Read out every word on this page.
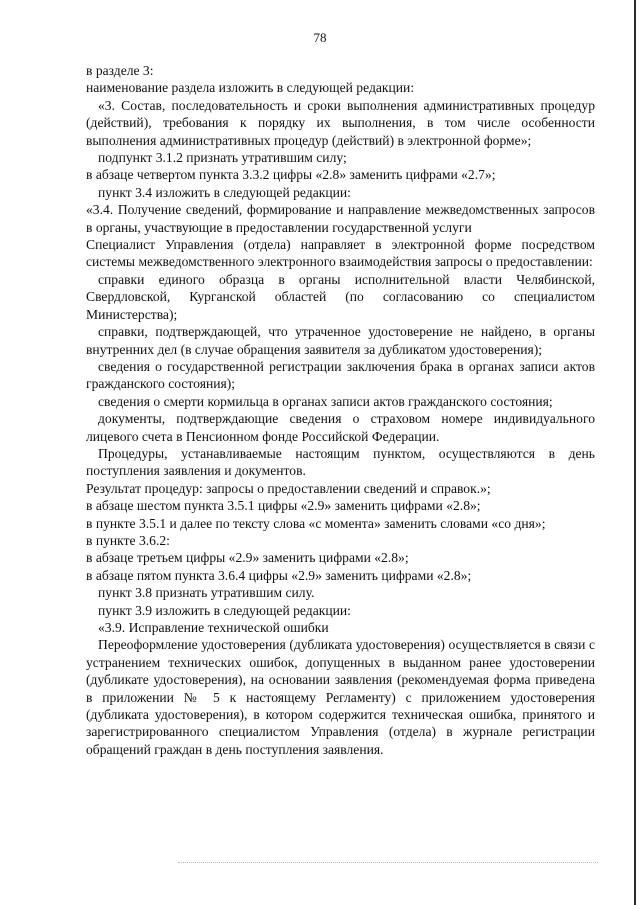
78

в разделе 3:

наименование раздела изложить в следующей редакции:

«3. Состав, последовательность и сроки выполнения административных процедур (действий), требования к порядку их выполнения, в том числе особенности выполнения административных процедур (действий) в электронной форме»;

подпункт 3.1.2 признать утратившим силу;

в абзаце четвертом пункта 3.3.2 цифры «2.8» заменить цифрами «2.7»;

пункт 3.4 изложить в следующей редакции:

«3.4. Получение сведений, формирование и направление межведомственных запросов в органы, участвующие в предоставлении государственной услуги

Специалист Управления (отдела) направляет в электронной форме посредством системы межведомственного электронного взаимодействия запросы о предоставлении:

справки единого образца в органы исполнительной власти Челябинской, Свердловской, Курганской областей (по согласованию со специалистом Министерства);

справки, подтверждающей, что утраченное удостоверение не найдено, в органы внутренних дел (в случае обращения заявителя за дубликатом удостоверения);

сведения о государственной регистрации заключения брака в органах записи актов гражданского состояния);

сведения о смерти кормильца в органах записи актов гражданского состояния;

документы, подтверждающие сведения о страховом номере индивидуального лицевого счета в Пенсионном фонде Российской Федерации.

Процедуры, устанавливаемые настоящим пунктом, осуществляются в день поступления заявления и документов.

Результат процедур: запросы о предоставлении сведений и справок.»;

в абзаце шестом пункта 3.5.1 цифры «2.9» заменить цифрами «2.8»;

в пункте 3.5.1 и далее по тексту слова «с момента» заменить словами «со дня»;

в пункте 3.6.2:

в абзаце третьем цифры «2.9» заменить цифрами «2.8»;

в абзаце пятом пункта 3.6.4 цифры «2.9» заменить цифрами «2.8»;

пункт 3.8 признать утратившим силу.

пункт 3.9 изложить в следующей редакции:

«3.9. Исправление технической ошибки

Переоформление удостоверения (дубликата удостоверения) осуществляется в связи с устранением технических ошибок, допущенных в выданном ранее удостоверении (дубликате удостоверения), на основании заявления (рекомендуемая форма приведена в приложении № 5 к настоящему Регламенту) с приложением удостоверения (дубликата удостоверения), в котором содержится техническая ошибка, принятого и зарегистрированного специалистом Управления (отдела) в журнале регистрации обращений граждан в день поступления заявления.
